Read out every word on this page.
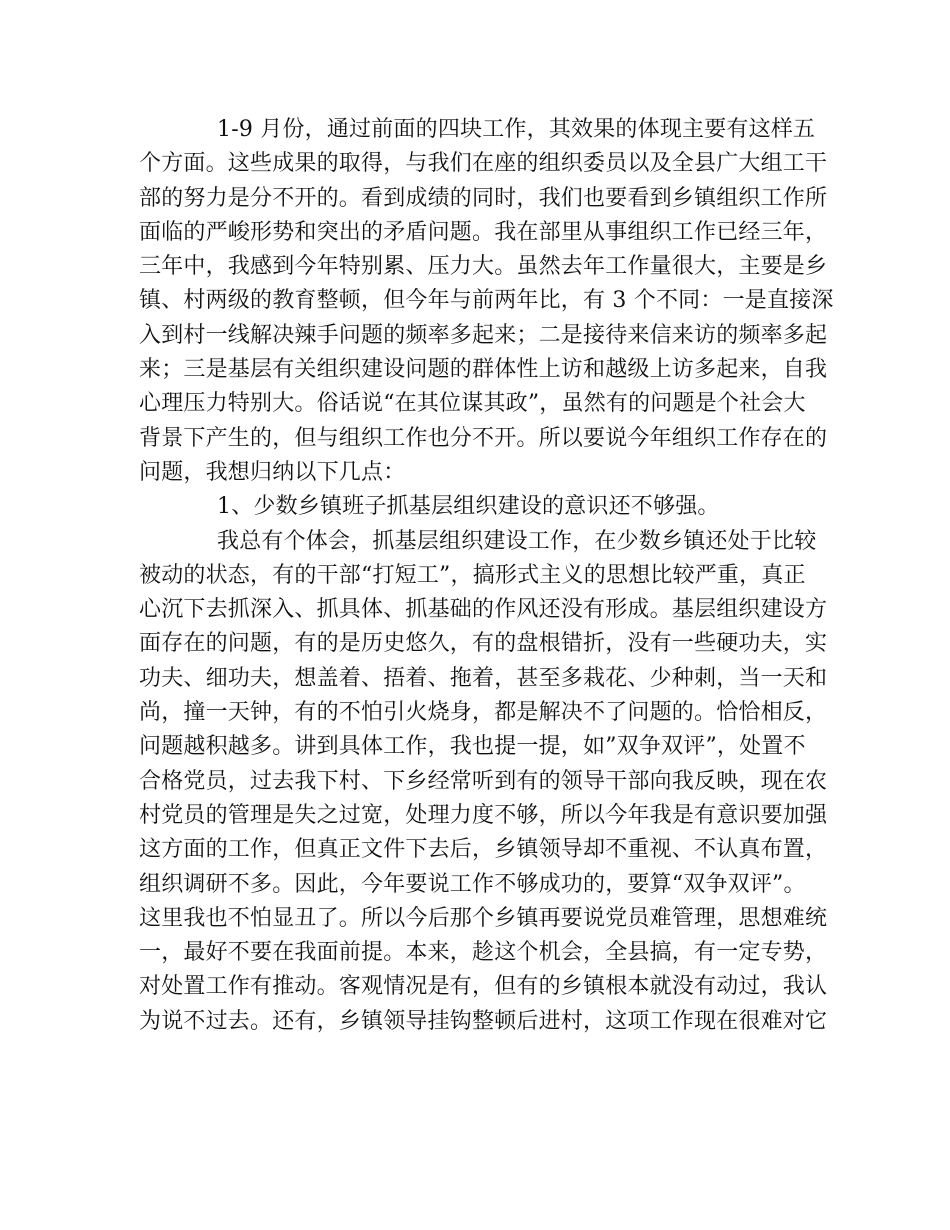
1-9 月份，通过前面的四块工作，其效果的体现主要有这样五
个方面。这些成果的取得，与我们在座的组织委员以及全县广大组工干
部的努力是分不开的。看到成绩的同时，我们也要看到乡镇组织工作所
面临的严峻形势和突出的矛盾问题。我在部里从事组织工作已经三年，
三年中，我感到今年特别累、压力大。虽然去年工作量很大，主要是乡
镇、村两级的教育整顿，但今年与前两年比，有 3 个不同：一是直接深
入到村一线解决辣手问题的频率多起来；二是接待来信来访的频率多起
来；三是基层有关组织建设问题的群体性上访和越级上访多起来，自我
心理压力特别大。俗话说“在其位谋其政”，虽然有的问题是个社会大
背景下产生的，但与组织工作也分不开。所以要说今年组织工作存在的
问题，我想归纳以下几点：
1、少数乡镇班子抓基层组织建设的意识还不够强。
我总有个体会，抓基层组织建设工作，在少数乡镇还处于比较
被动的状态，有的干部“打短工”，搞形式主义的思想比较严重，真正
心沉下去抓深入、抓具体、抓基础的作风还没有形成。基层组织建设方
面存在的问题，有的是历史悠久，有的盘根错折，没有一些硬功夫，实
功夫、细功夫，想盖着、捂着、拖着，甚至多栽花、少种刺，当一天和
尚，撞一天钟，有的不怕引火烧身，都是解决不了问题的。恰恰相反，
问题越积越多。讲到具体工作，我也提一提，如”双争双评”，处置不
合格党员，过去我下村、下乡经常听到有的领导干部向我反映，现在农
村党员的管理是失之过宽，处理力度不够，所以今年我是有意识要加强
这方面的工作，但真正文件下去后，乡镇领导却不重视、不认真布置，
组织调研不多。因此，今年要说工作不够成功的，要算“双争双评”。
这里我也不怕显丑了。所以今后那个乡镇再要说党员难管理，思想难统
一，最好不要在我面前提。本来，趁这个机会，全县搞，有一定专势，
对处置工作有推动。客观情况是有，但有的乡镇根本就没有动过，我认
为说不过去。还有，乡镇领导挂钩整顿后进村，这项工作现在很难对它
